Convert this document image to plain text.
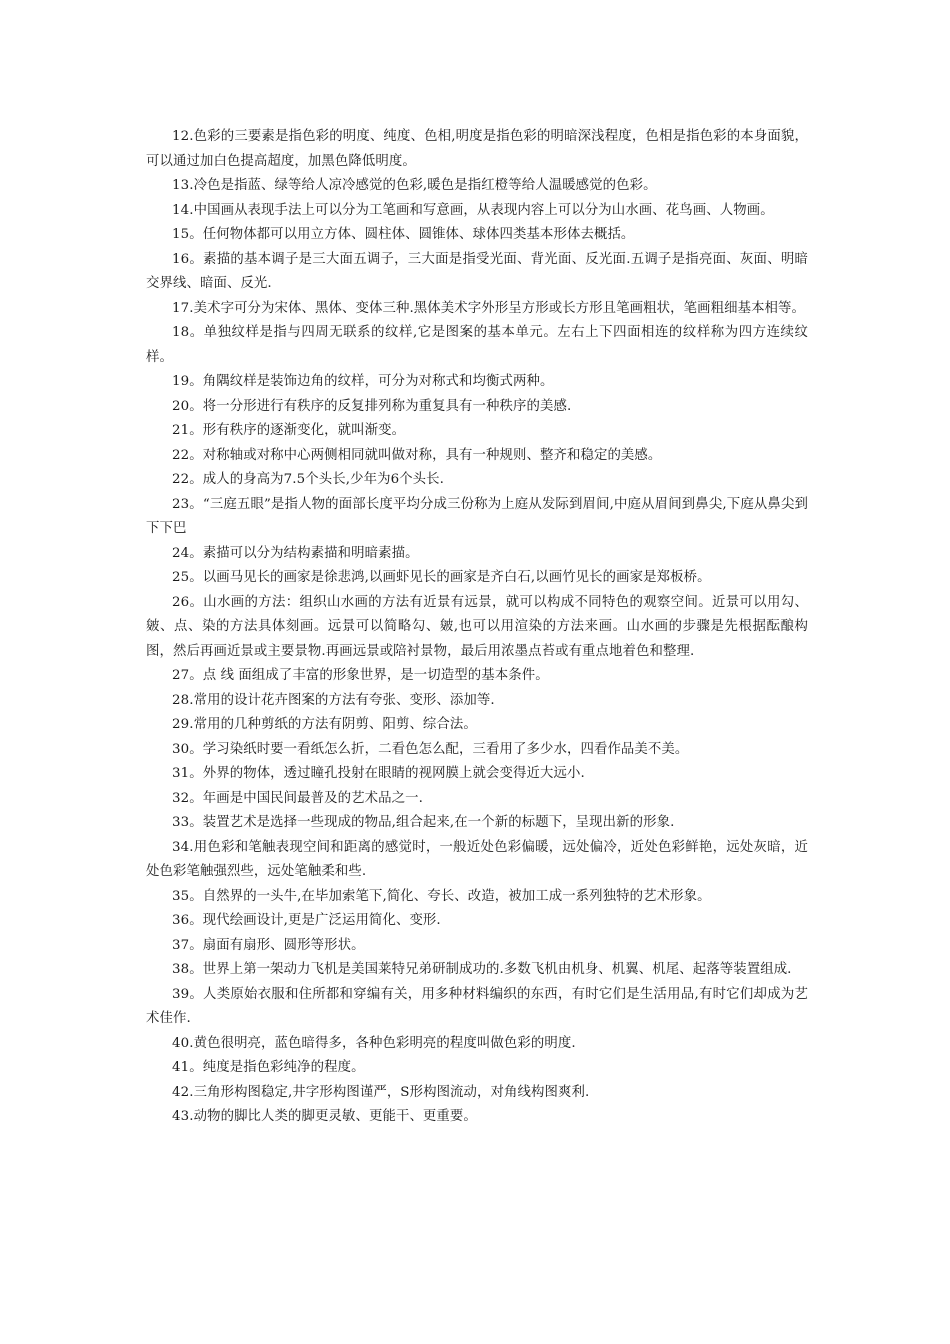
12.色彩的三要素是指色彩的明度、纯度、色相,明度是指色彩的明暗深浅程度，色相是指色彩的本身面貌，可以通过加白色提高超度，加黑色降低明度。

13.冷色是指蓝、绿等给人凉冷感觉的色彩,暖色是指红橙等给人温暖感觉的色彩。

14.中国画从表现手法上可以分为工笔画和写意画，从表现内容上可以分为山水画、花鸟画、人物画。

15。任何物体都可以用立方体、圆柱体、圆锥体、球体四类基本形体去概括。

16。素描的基本调子是三大面五调子，三大面是指受光面、背光面、反光面.五调子是指亮面、灰面、明暗交界线、暗面、反光.

17.美术字可分为宋体、黑体、变体三种.黑体美术字外形呈方形或长方形且笔画粗状，笔画粗细基本相等。

18。单独纹样是指与四周无联系的纹样,它是图案的基本单元。左右上下四面相连的纹样称为四方连续纹样。

19。角隅纹样是装饰边角的纹样，可分为对称式和均衡式两种。

20。将一分形进行有秩序的反复排列称为重复具有一种秩序的美感.

21。形有秩序的逐渐变化，就叫渐变。

22。对称轴或对称中心两侧相同就叫做对称，具有一种规则、整齐和稳定的美感。

22。成人的身高为7.5个头长,少年为6个头长.

23。“三庭五眼”是指人物的面部长度平均分成三份称为上庭从发际到眉间,中庭从眉间到鼻尖,下庭从鼻尖到下下巴

24。素描可以分为结构素描和明暗素描。

25。以画马见长的画家是徐悲鸿,以画虾见长的画家是齐白石,以画竹见长的画家是郑板桥。

26。山水画的方法：组织山水画的方法有近景有远景，就可以构成不同特色的观察空间。近景可以用勾、皴、点、染的方法具体刻画。远景可以简略勾、皴,也可以用渲染的方法来画。山水画的步骤是先根据酝酿构图，然后再画近景或主要景物.再画远景或陪衬景物，最后用浓墨点苔或有重点地着色和整理.

27。点 线 面组成了丰富的形象世界，是一切造型的基本条件。

28.常用的设计花卉图案的方法有夸张、变形、添加等.

29.常用的几种剪纸的方法有阴剪、阳剪、综合法。

30。学习染纸时要一看纸怎么折，二看色怎么配，三看用了多少水，四看作品美不美。

31。外界的物体，透过瞳孔投射在眼睛的视网膜上就会变得近大远小.

32。年画是中国民间最普及的艺术品之一.

33。装置艺术是选择一些现成的物品,组合起来,在一个新的标题下，呈现出新的形象.

34.用色彩和笔触表现空间和距离的感觉时，一般近处色彩偏暖，远处偏冷，近处色彩鲜艳，远处灰暗，近处色彩笔触强烈些，远处笔触柔和些.

35。自然界的一头牛,在毕加索笔下,简化、夸长、改造，被加工成一系列独特的艺术形象。

36。现代绘画设计,更是广泛运用简化、变形.

37。扇面有扇形、圆形等形状。

38。世界上第一架动力飞机是美国莱特兄弟研制成功的.多数飞机由机身、机翼、机尾、起落等装置组成.

39。人类原始衣服和住所都和穿编有关，用多种材料编织的东西，有时它们是生活用品,有时它们却成为艺术佳作.

40.黄色很明亮，蓝色暗得多，各种色彩明亮的程度叫做色彩的明度.

41。纯度是指色彩纯净的程度。

42.三角形构图稳定,井字形构图谨严，S形构图流动，对角线构图爽利.

43.动物的脚比人类的脚更灵敏、更能干、更重要。
